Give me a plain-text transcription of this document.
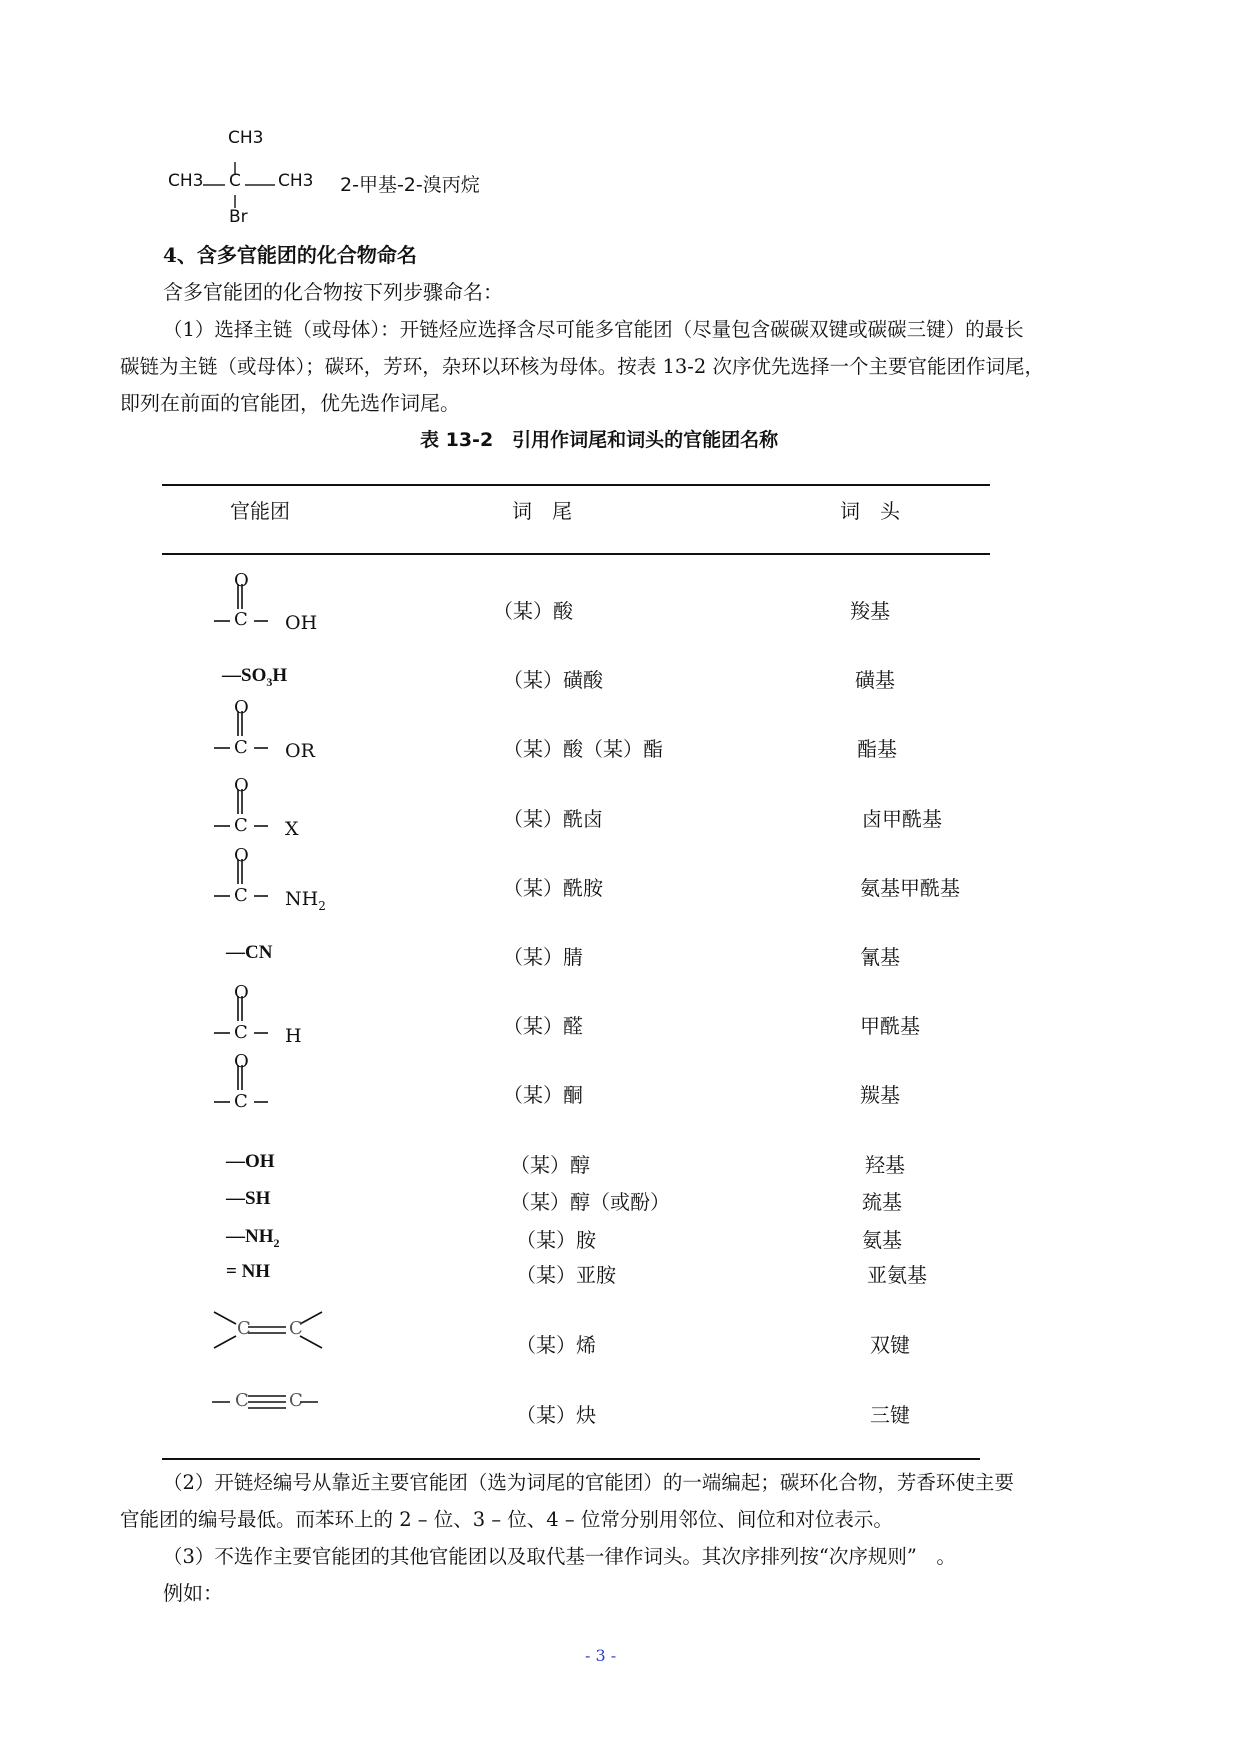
CH3
CH3 C CH3
Br
2-甲基-2-溴丙烷
4、含多官能团的化合物命名
含多官能团的化合物按下列步骤命名：
（1）选择主链（或母体）：开链烃应选择含尽可能多官能团（尽量包含碳碳双键或碳碳三键）的最长
碳链为主链（或母体）；碳环，芳环，杂环以环核为母体。按表 13-2 次序优先选择一个主要官能团作词尾，
即列在前面的官能团，优先选作词尾。
表 13-2　引用作词尾和词头的官能团名称
官能团	词　尾	词　头
O
C OH
O
C OR
O
C X
O
C $NH_2$
O
C H
O
C
C C
C C
$—SO_3H$
—CN
—OH
—SH
$—NH_2$
= NH
（某）酸
（某）磺酸
（某）酸（某）酯
（某）酰卤
（某）酰胺
（某）腈
（某）醛
（某）酮
（某）醇
（某）醇（或酚）
（某）胺
（某）亚胺
（某）烯
（某）炔
羧基
磺基
酯基
卤甲酰基
氨基甲酰基
氰基
甲酰基
羰基
羟基
巯基
氨基
亚氨基
双键
三键
（2）开链烃编号从靠近主要官能团（选为词尾的官能团）的一端编起；碳环化合物，芳香环使主要
官能团的编号最低。而苯环上的 2 – 位、3 – 位、4 – 位常分别用邻位、间位和对位表示。
（3）不选作主要官能团的其他官能团以及取代基一律作词头。其次序排列按“次序规则”　。
例如：
- 3 -
